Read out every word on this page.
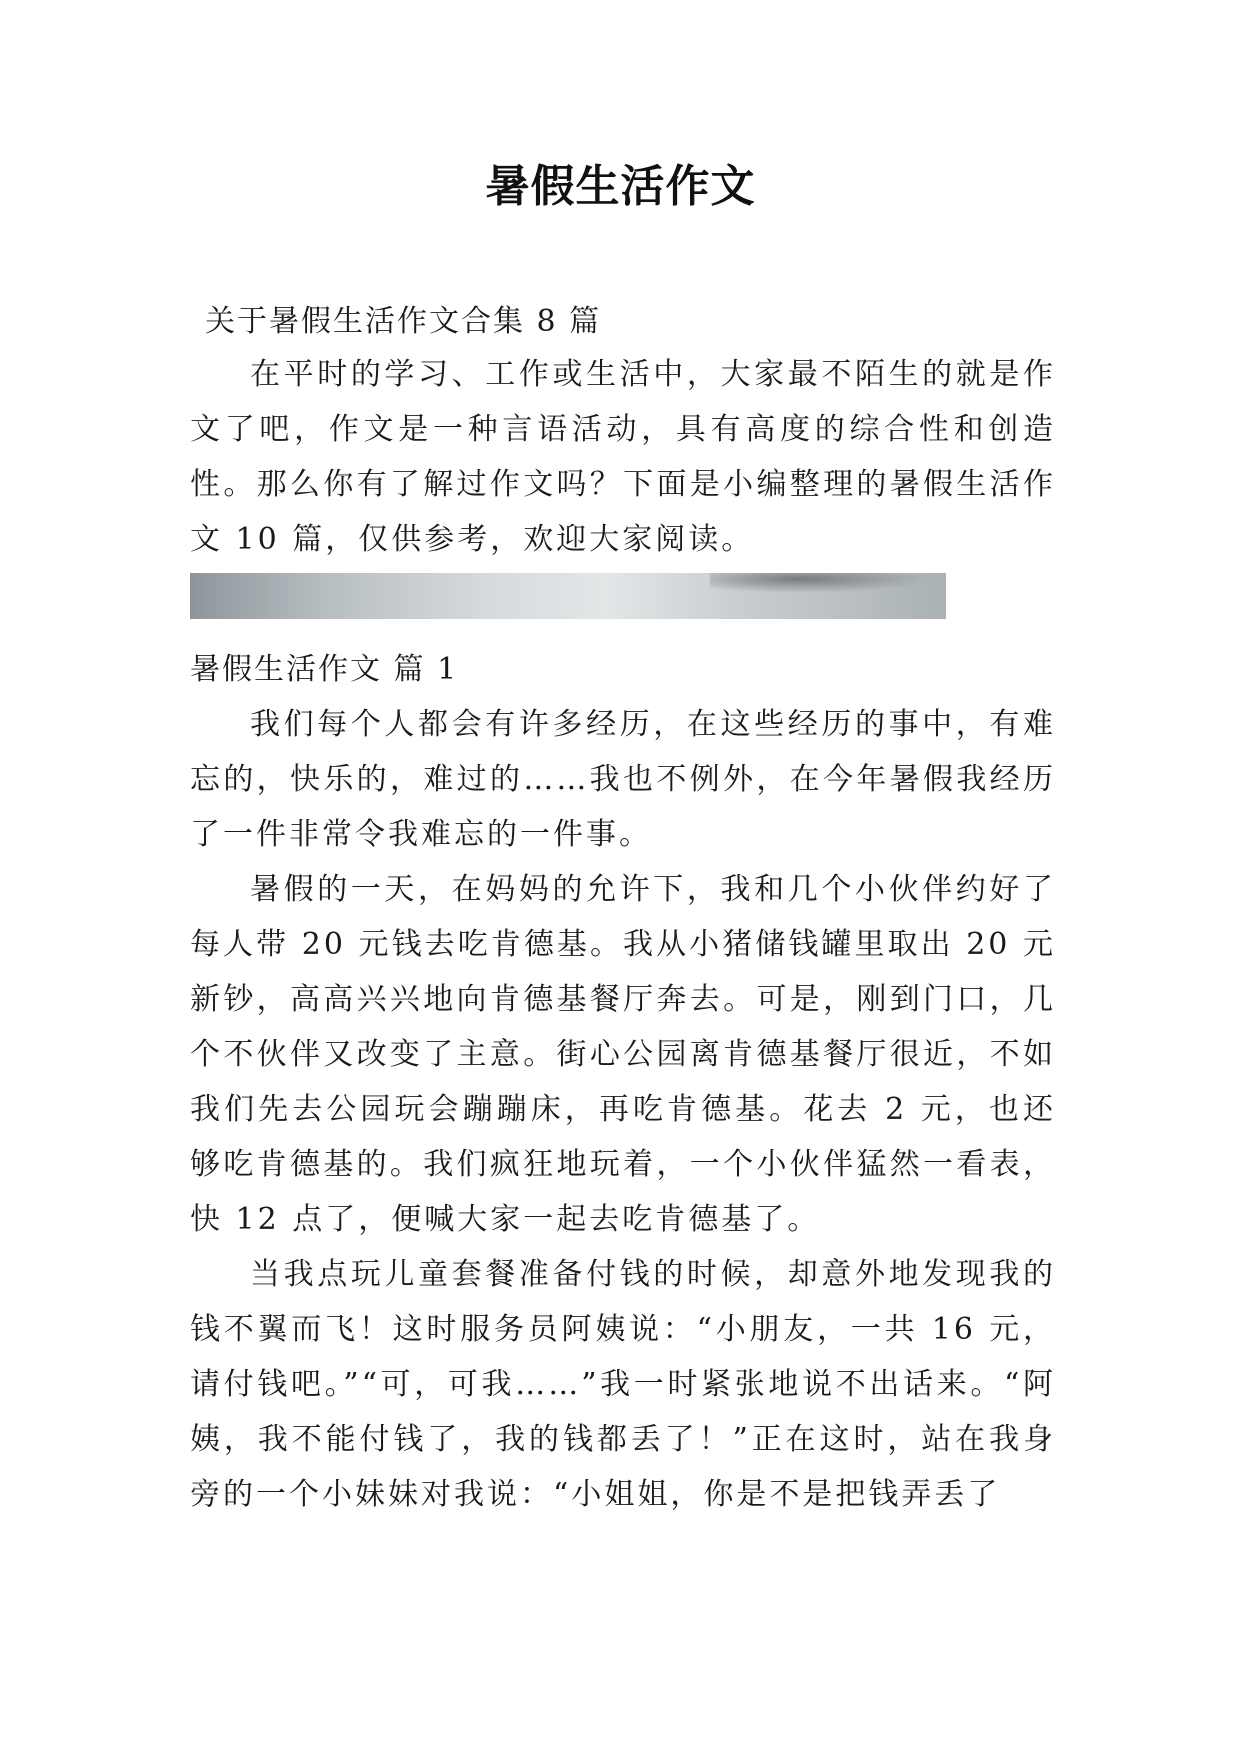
暑假生活作文
关于暑假生活作文合集 8 篇

在平时的学习、工作或生活中，大家最不陌生的就是作文了吧，作文是一种言语活动，具有高度的综合性和创造性。那么你有了解过作文吗？下面是小编整理的暑假生活作文 10 篇，仅供参考，欢迎大家阅读。

暑假生活作文 篇 1

我们每个人都会有许多经历，在这些经历的事中，有难忘的，快乐的，难过的……我也不例外，在今年暑假我经历了一件非常令我难忘的一件事。

暑假的一天，在妈妈的允许下，我和几个小伙伴约好了每人带 20 元钱去吃肯德基。我从小猪储钱罐里取出 20 元新钞，高高兴兴地向肯德基餐厅奔去。可是，刚到门口，几个不伙伴又改变了主意。街心公园离肯德基餐厅很近，不如我们先去公园玩会蹦蹦床，再吃肯德基。花去 2 元，也还够吃肯德基的。我们疯狂地玩着，一个小伙伴猛然一看表，快 12 点了，便喊大家一起去吃肯德基了。

当我点玩儿童套餐准备付钱的时候，却意外地发现我的钱不翼而飞！这时服务员阿姨说：“小朋友，一共 16 元，请付钱吧。”“可，可我……”我一时紧张地说不出话来。“阿姨，我不能付钱了，我的钱都丢了！”正在这时，站在我身旁的一个小妹妹对我说：“小姐姐，你是不是把钱弄丢了
